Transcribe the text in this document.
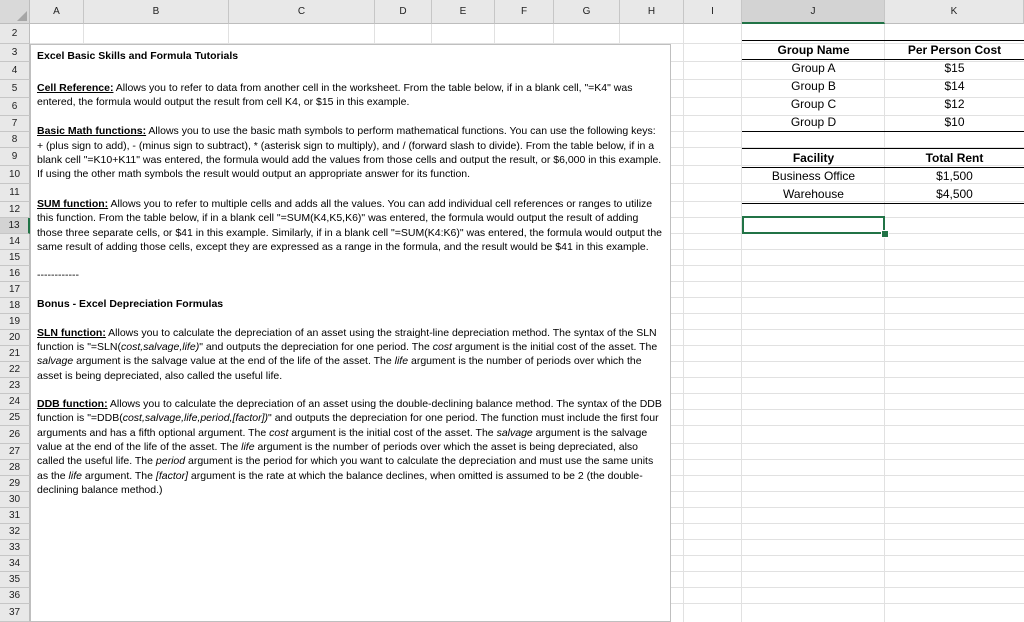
A	B	C	D	E	F	G	H	I	J	K
2
3
4
5
6
7
8
9
10
11
12
13
14
15
16
17
18
19
20
21
22
23
24
25
26
27
28
29
30
31
32
33
34
35
36
37

Excel Basic Skills and Formula Tutorials

Cell Reference: Allows you to refer to data from another cell in the worksheet. From the table below, if in a blank cell, "=K4" was entered, the formula would output the result from cell K4, or $15 in this example.

Basic Math functions: Allows you to use the basic math symbols to perform mathematical functions. You can use the following keys: + (plus sign to add), - (minus sign to subtract), * (asterisk sign to multiply), and / (forward slash to divide). From the table below, if in a blank cell "=K10+K11" was entered, the formula would add the values from those cells and output the result, or $6,000 in this example. If using the other math symbols the result would output an appropriate answer for its function.

SUM function: Allows you to refer to multiple cells and adds all the values. You can add individual cell references or ranges to utilize this function. From the table below, if in a blank cell "=SUM(K4,K5,K6)" was entered, the formula would output the result of adding those three separate cells, or $41 in this example. Similarly, if in a blank cell "=SUM(K4:K6)" was entered, the formula would output the same result of adding those cells, except they are expressed as a range in the formula, and the result would be $41 in this example.

------------

Bonus - Excel Depreciation Formulas

SLN function: Allows you to calculate the depreciation of an asset using the straight-line depreciation method. The syntax of the SLN function is "=SLN(cost,salvage,life)" and outputs the depreciation for one period. The cost argument is the initial cost of the asset. The salvage argument is the salvage value at the end of the life of the asset. The life argument is the number of periods over which the asset is being depreciated, also called the useful life.

DDB function: Allows you to calculate the depreciation of an asset using the double-declining balance method. The syntax of the DDB function is "=DDB(cost,salvage,life,period,[factor])" and outputs the depreciation for one period. The function must include the first four arguments and has a fifth optional argument. The cost argument is the initial cost of the asset. The salvage argument is the salvage value at the end of the life of the asset. The life argument is the number of periods over which the asset is being depreciated, also called the useful life. The period argument is the period for which you want to calculate the depreciation and must use the same units as the life argument. The [factor] argument is the rate at which the balance declines, when omitted is assumed to be 2 (the double-declining balance method.)

Group Name	Per Person Cost
Group A	$15
Group B	$14
Group C	$12
Group D	$10
Facility	Total Rent
Business Office	$1,500
Warehouse	$4,500
